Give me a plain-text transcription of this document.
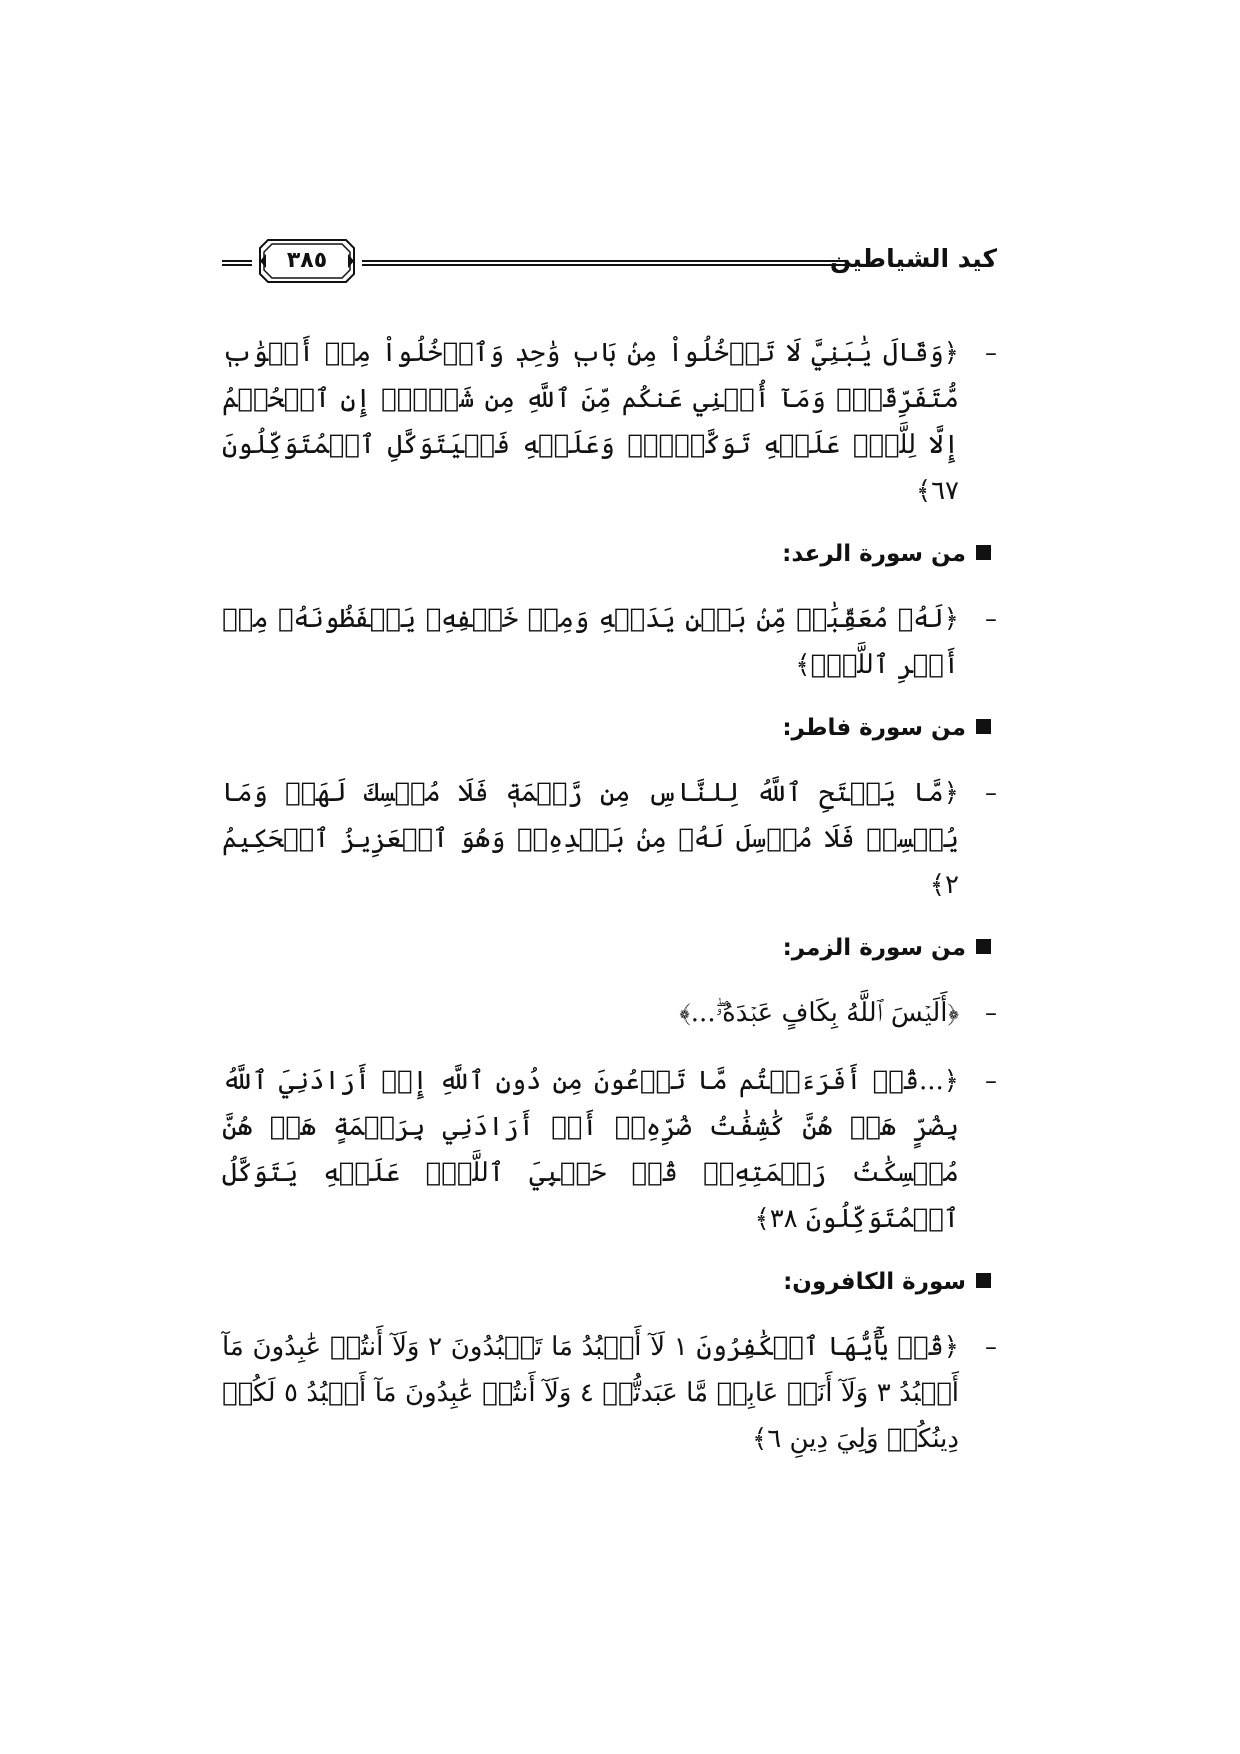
كيد الشياطين
٣٨٥
–
﴿وَقَالَ يَٰبَنِيَّ لَا تَدۡخُلُواْ مِنۢ بَابٖ وَٰحِدٖ وَٱدۡخُلُواْ مِنۡ أَبۡوَٰبٖ مُّتَفَرِّقَةٖۖ وَمَآ أُغۡنِي عَنكُم مِّنَ ٱللَّهِ مِن شَيۡءٍۖ إِنِ ٱلۡحُكۡمُ إِلَّا لِلَّهِۖ عَلَيۡهِ تَوَكَّلۡتُۖ وَعَلَيۡهِ فَلۡيَتَوَكَّلِ ٱلۡمُتَوَكِّلُونَ ٦٧﴾
من سورة الرعد:
–
﴿لَهُۥ مُعَقِّبَٰتٞ مِّنۢ بَيۡنِ يَدَيۡهِ وَمِنۡ خَلۡفِهِۦ يَحۡفَظُونَهُۥ مِنۡ أَمۡرِ ٱللَّهِۗ﴾
من سورة فاطر:
–
﴿مَّا يَفۡتَحِ ٱللَّهُ لِلنَّاسِ مِن رَّحۡمَةٖ فَلَا مُمۡسِكَ لَهَاۖ وَمَا يُمۡسِكۡ فَلَا مُرۡسِلَ لَهُۥ مِنۢ بَعۡدِهِۦۚ وَهُوَ ٱلۡعَزِيزُ ٱلۡحَكِيمُ ٢﴾
من سورة الزمر:
–
﴿أَلَيۡسَ ٱللَّهُ بِكَافٍ عَبۡدَهُۥۖ...﴾
–
﴿...قُلۡ أَفَرَءَيۡتُم مَّا تَدۡعُونَ مِن دُونِ ٱللَّهِ إِنۡ أَرَادَنِيَ ٱللَّهُ بِضُرٍّ هَلۡ هُنَّ كَٰشِفَٰتُ ضُرِّهِۦٓ أَوۡ أَرَادَنِي بِرَحۡمَةٍ هَلۡ هُنَّ مُمۡسِكَٰتُ رَحۡمَتِهِۦۚ قُلۡ حَسۡبِيَ ٱللَّهُۖ عَلَيۡهِ يَتَوَكَّلُ ٱلۡمُتَوَكِّلُونَ ٣٨﴾
سورة الكافرون:
–
﴿قُلۡ يَٰٓأَيُّهَا ٱلۡكَٰفِرُونَ ١ لَآ أَعۡبُدُ مَا تَعۡبُدُونَ ٢ وَلَآ أَنتُمۡ عَٰبِدُونَ مَآ أَعۡبُدُ ٣ وَلَآ أَنَا۠ عَابِدٞ مَّا عَبَدتُّمۡ ٤ وَلَآ أَنتُمۡ عَٰبِدُونَ مَآ أَعۡبُدُ ٥ لَكُمۡ دِينُكُمۡ وَلِيَ دِينِ ٦﴾
